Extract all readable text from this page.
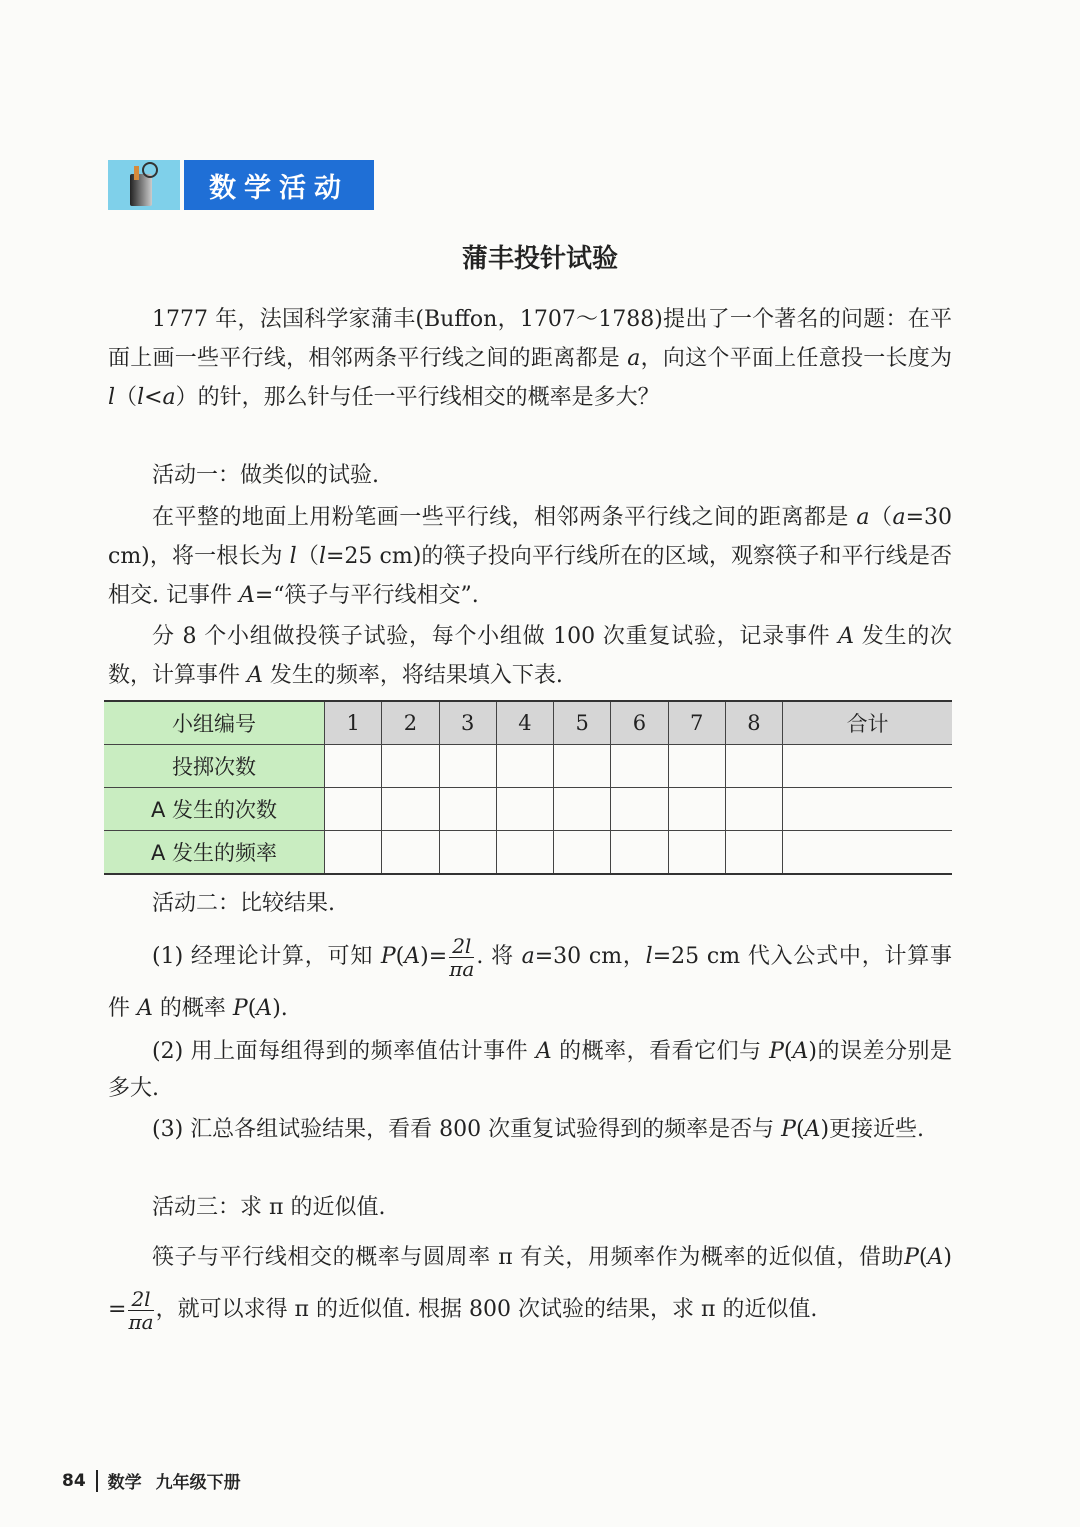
数学活动
蒲丰投针试验
1777 年，法国科学家蒲丰(Buffon，1707～1788)提出了一个著名的问题：在平面上画一些平行线，相邻两条平行线之间的距离都是 a，向这个平面上任意投一长度为 l（l<a）的针，那么针与任一平行线相交的概率是多大？
活动一：做类似的试验.
在平整的地面上用粉笔画一些平行线，相邻两条平行线之间的距离都是 a（a=30 cm)，将一根长为 l（l=25 cm)的筷子投向平行线所在的区域，观察筷子和平行线是否相交. 记事件 A=“筷子与平行线相交”.
分 8 个小组做投筷子试验，每个小组做 100 次重复试验，记录事件 A 发生的次数，计算事件 A 发生的频率，将结果填入下表.
小组编号	1	2	3	4	5	6	7	8	合计
投掷次数									
A 发生的次数									
A 发生的频率									
活动二：比较结果.
(1) 经理论计算，可知 $P(A)= \frac{2l}{\pi a}$ . 将 a=30 cm，l=25 cm 代入公式中，计算事件 A 的概率 P(A).
(2) 用上面每组得到的频率值估计事件 A 的概率，看看它们与 P(A)的误差分别是多大.
(3) 汇总各组试验结果，看看 800 次重复试验得到的频率是否与 P(A)更接近些.
活动三：求 π 的近似值.
筷子与平行线相交的概率与圆周率 π 有关，用频率作为概率的近似值，借助$P(A) = \frac{2l}{\pi a}$ ，就可以求得 π 的近似值. 根据 800 次试验的结果，求 π 的近似值.
84 数学 九年级下册
